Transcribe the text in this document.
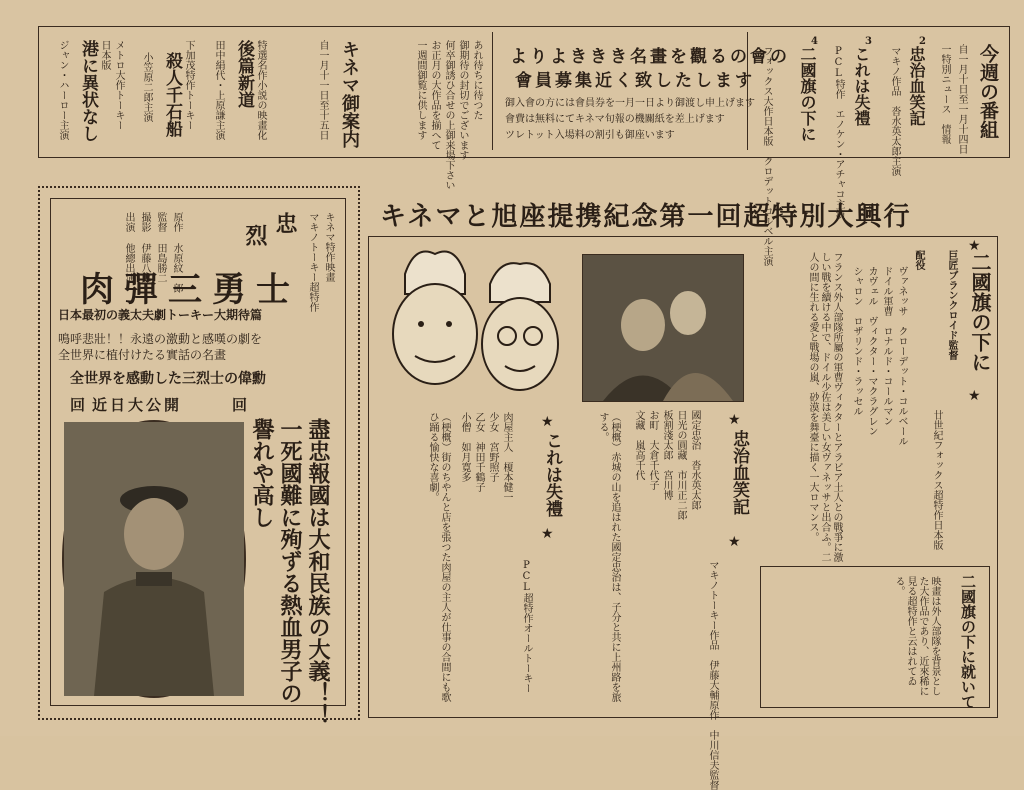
今週の番組
自一月十日至一月十四日
一特別ニュース　情報
2
忠治血笑記
マキノ作品　沓水英太郎主演
3
これは失禮
PCL特作　エノケン・アチャコ主演
4
二國旗の下に
フォックス大作日本版　クロデットコルベル主演
よりよききき名畫を觀るの會の
會員募集近く致したします
御入會の方には會員券を一月一日より御渡し申上げます
會費は無料にてキネマ旬報の機關紙を差上げます
ツレトット入場料の割引も御座います
あれ待ちに待つた
御期待の封切でございます
何卒御誘ひ合せの上御来場下さい
お正月の大作品を揃へて
一週間御覧に供します
キネマ御案内
自一月十一日至十五日
特選名作小説の映畫化
後篇新道
田中絹代・上原謙主演
下加茂特作トーキー
殺人千石船
小笠原二郎主演
メトロ大作トーキー
日本版
港に異状なし
ジャン・ハーロー主演
キネマ特作映畫
マキノトーキー超特作
原作 水原紋一郎
監督 田島勝二
撮影 伊藤八郎
出演 他總出演	忠
烈
肉彈三勇士
日本最初の義太夫劇トーキー大期待篇
鳴呼悲壯！！永遠の激動と感嘆の劇を
全世界に植付けたる實話の名畫
全世界を感動した三烈士の偉勳
回 近日大公開	回
盡忠報國は大和民族の大義！！
一死國難に殉ずる熱血男子の
譽れや高し
キネマと旭座提携紀念第一回超特別大興行
二國旗の下に
★
★
巨匠ブランクロイド監督
廿世紀フォックス超特作日本版
配役
ヴァネッサ　クローデット・コルベール
ドイル軍曹　ロナルド・コールマン
カヴェル　ヴィクター・マクラグレン
シャロン　ロザリンド・ラッセル
フランス外人部隊所屬の軍曹ヴィクターとアラビア土人との戰爭に激しい戰を續ける中で、ドイル少佐は美しい女ヴァネッサと出合ふ。二人の間に生れる愛と戰場の嵐、砂漠を舞臺に描く一大ロマンス。
忠治血笑記
★
★
マキノトーキー作品　伊藤大輔原作　中川信夫監督
國定忠治　沓水英太郎
日光の圓藏　市川正二郎
板割淺太郎　宮川博
お町　大倉千代子
文藏　嵐高千代
（梗概）赤城の山を追はれた國定忠治は、子分と共に上州路を旅する。
これは失禮
★
★
PCL超特作オールトーキー
肉屋主人　榎本健一
少女　宮野照子
乙女　神田千鶴子
小僧　如月寛多
（梗概）街のちやんと店を張つた肉屋の主人が仕事の合間にも歌ひ踊る愉快な喜劇。
二國旗の下に就いて
映畫は外人部隊を背景とした大作品であり、近來稀に見る超特作と云はれてゐる。
